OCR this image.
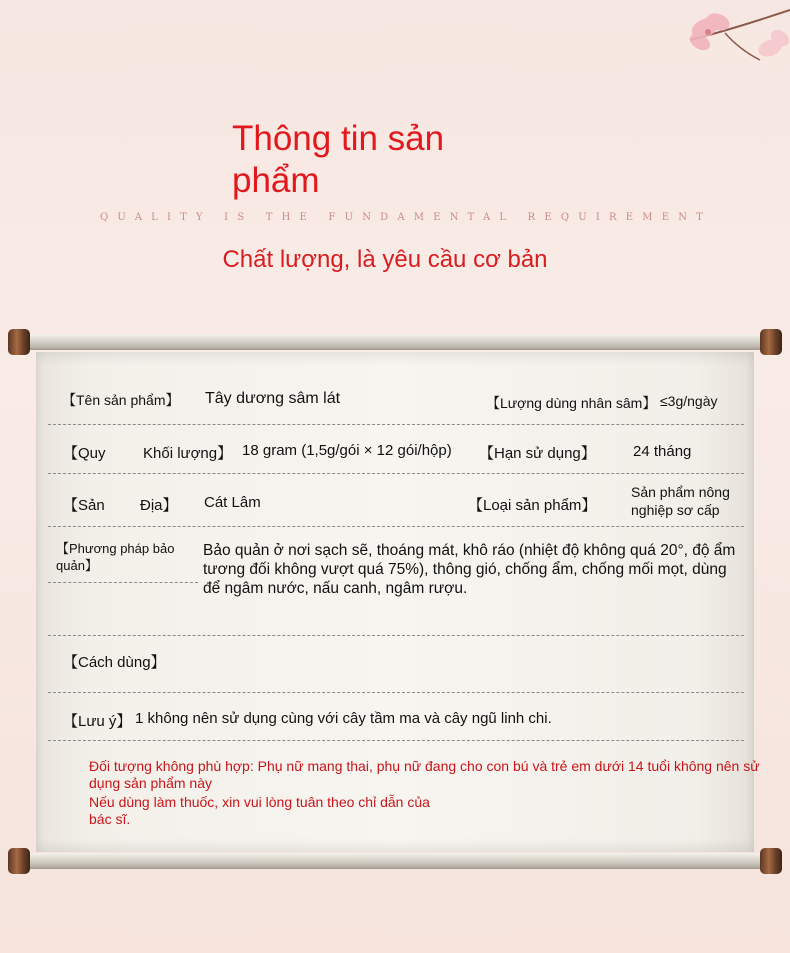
Thông tin sản phẩm
QUALITY IS THE FUNDAMENTAL REQUIREMENT
Chất lượng, là yêu cầu cơ bản
【Tên sản phẩm】 Tây dương sâm lát	【Lượng dùng nhân sâm】 ≤3g/ngày
【Quy Khối lượng】 18 gram (1,5g/gói × 12 gói/hộp) 【Hạn sử dụng】 24 tháng
【Sản Địa】 Cát Lâm	【Loại sản phẩm】
Sản phẩm nông nghiệp sơ cấp
【Phương pháp bảo quản】
Bảo quản ở nơi sạch sẽ, thoáng mát, khô ráo (nhiệt độ không quá 20°, độ ẩm tương đối không vượt quá 75%), thông gió, chống ẩm, chống mối mọt, dùng để ngâm nước, nấu canh, ngâm rượu.
【Cách dùng】
【Lưu ý】 1 không nên sử dụng cùng với cây tầm ma và cây ngũ linh chi.
Đối tượng không phù hợp: Phụ nữ mang thai, phụ nữ đang cho con bú và trẻ em dưới 14 tuổi không nên sử dụng sản phẩm này
Nếu dùng làm thuốc, xin vui lòng tuân theo chỉ dẫn của bác sĩ.
